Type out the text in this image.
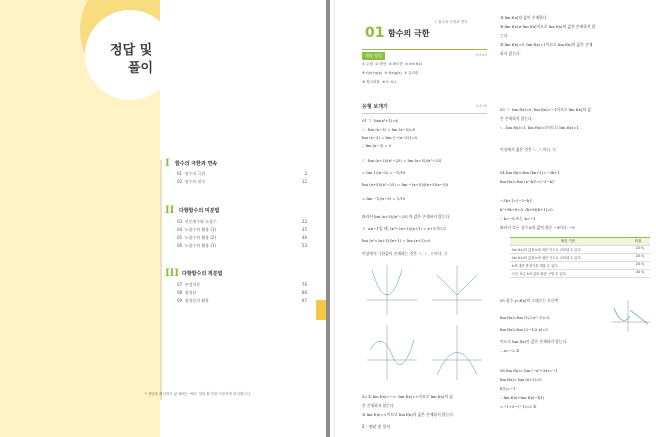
정답 및
풀이
I 함수의 극한과 연속
01 함수의 극한	2
02 함수의 연속	12
II 다항함수의 미분법
03 미분계수와 도함수	22
04 도함수의 활용 (1)	35
05 도함수의 활용 (2)	46
06 도함수의 활용 (3)	53
III 다항함수의 적분법
07 부정적분	76
08 정적분	86
09 정적분의 활용	97
* 정답을 확인하지 않 해에는 '빠른 정답 찾기'를 이용하면 편리합니다.
01 함수의 극한
I. 함수의 극한과 연속
개념 정리	본책 6쪽
① 수렴 ② 발산 ③ 좌극한 ④ lim f(x)
⑤ f(x)+g(x) ⑥ f(x)g(x) ⑦ 유리화
⑧ 최고차항 ⑨ 0 ⑩ L
유형 보개기	본책 7쪽
01 ㄱ. lim(x²+1)=6
ㄴ. lim (x−3) = lim (x−3)=0
lim (x−3) = lim {−(x−3)}=0
∴ lim |x−3| = 0
ㄷ. lim (x+2)/(x²−25) = lim (x+5)/(x²−25)
= lim 1/(x−5) = −1/10
lim (x+5)/(x²−25) = lim −(x+5)/((x+5)(x−5))
= lim −1/(x−5) = 1/10
따라서 lim (x+5)/|x²−25| 의 값은 존재하지 않는다.
ㄹ. x≠−1일 때, (x²+2x+1)/(x+1) = x+1이므로
lim (x²+2x+1)/(x+1) = lim (x+1)=0
이상에서 극한값이 존재하는 것은 ㄱ, ㄴ, ㄹ이다. ⑤
02 ① lim f(x)=−∞, lim f(x)=∞이므로 lim f(x)의 값
은 존재하지 않는다.
② lim f(x)=∞이므로 lim f(x)의 값은 존재하지 않는다.
③ lim f(x)의 값이 존재한다.
④ lim f(x)≠ lim f(x)이므로 lim f(x)의 값은 존재하지 않
는다.
⑤ lim f(x)=0, lim f(x)=1이므로 lim f(x)의 값은 존재
하지 않는다.
03 ㄱ. lim f(x)=0, lim f(x)=−1이므로 lim f(x)의 값
은 존재하지 않는다.
ㄴ. lim f(x)=1, lim f(x)=1이므로 lim f(x)=1
이상에서 옳은 것은 ㄴ, ㄷ이다. ④
04 lim f(x)=lim (kx+1)=−3k+1
lim f(x)=lim (x−k)²=(−3−k)²
−3k+1=(−3−k)²
k²+9k+8=0, (k+8)(k+1)=0
∴ k=−8 또는 k=−1
따라서 모든 상수 k의 값의 합은 −9이다. −9
채점 기준	비율
lim f(x)의 값을 k에 대한 식으로 나타낼 수 있다.	20 %
lim f(x)의 값을 k에 대한 식으로 나타낼 수 있다.	20 %
k에 대한 방정식을 세울 수 있다.	20 %
모든 상수 k의 값의 합을 구할 수 있다.	40 %
05 함수 y=f(x)의 그래프는 오른쪽
lim f(x)=lim (1/2 x²−1)=1,
lim f(x)=lim (2−1/2 x)=3
이므로 lim f(x)의 값은 존재하지 않는다.
∴ a=−2 ②
06 lim f(x)= lim (−x²+3x)=−1
lim f(x)= lim (x+1)=5
f(1)=−1
∴ lim f(x)+lim f(x)−f(1)
=−1+5−(−1)=5 ⑤
2 · 정답 및 풀이
